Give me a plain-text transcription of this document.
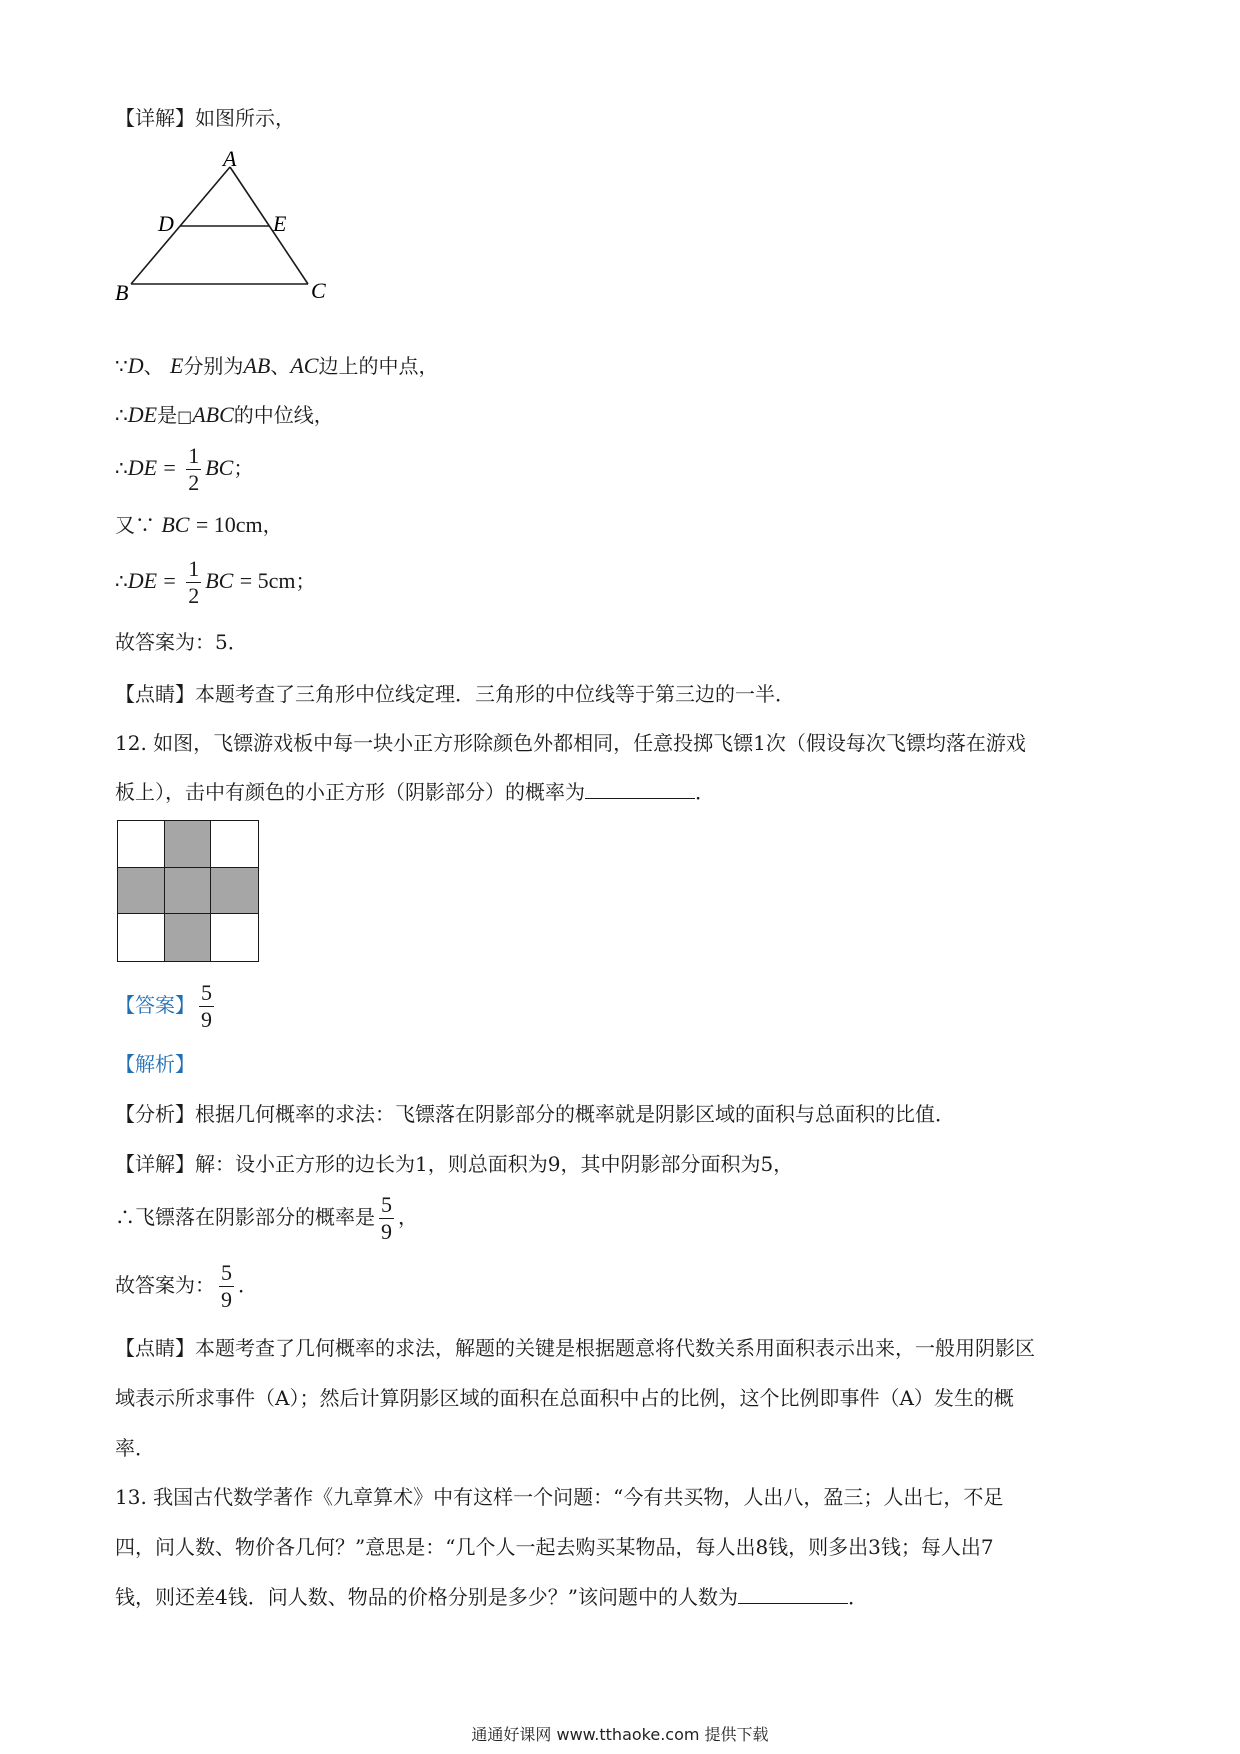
【详解】如图所示，
A
D	E
B	C
∵D、 E分别为AB、AC边上的中点，
∴DE是□ABC的中位线，
∴DE = $\frac{1}{2}$ BC；
又∵ BC = 10cm，
∴DE = $\frac{1}{2}$ BC = 5cm；
故答案为：5．
【点睛】本题考查了三角形中位线定理．三角形的中位线等于第三边的一半．
12. 如图，飞镖游戏板中每一块小正方形除颜色外都相同，任意投掷飞镖1次（假设每次飞镖均落在游戏
板上），击中有颜色的小正方形（阴影部分）的概率为	．
【答案】 $\frac{5}{9}$
【解析】
【分析】根据几何概率的求法：飞镖落在阴影部分的概率就是阴影区域的面积与总面积的比值．
【详解】解：设小正方形的边长为1，则总面积为9，其中阴影部分面积为5，
∴飞镖落在阴影部分的概率是 $\frac{5}{9}$ ，
故答案为： $\frac{5}{9}$ ．
【点睛】本题考查了几何概率的求法，解题的关键是根据题意将代数关系用面积表示出来，一般用阴影区
域表示所求事件（A）；然后计算阴影区域的面积在总面积中占的比例，这个比例即事件（A）发生的概
率．
13. 我国古代数学著作《九章算术》中有这样一个问题：“今有共买物，人出八，盈三；人出七，不足
四，问人数、物价各几何？”意思是：“几个人一起去购买某物品，每人出8钱，则多出3钱；每人出7
钱，则还差4钱．问人数、物品的价格分别是多少？”该问题中的人数为	．
通通好课网 www.tthaoke.com 提供下载
